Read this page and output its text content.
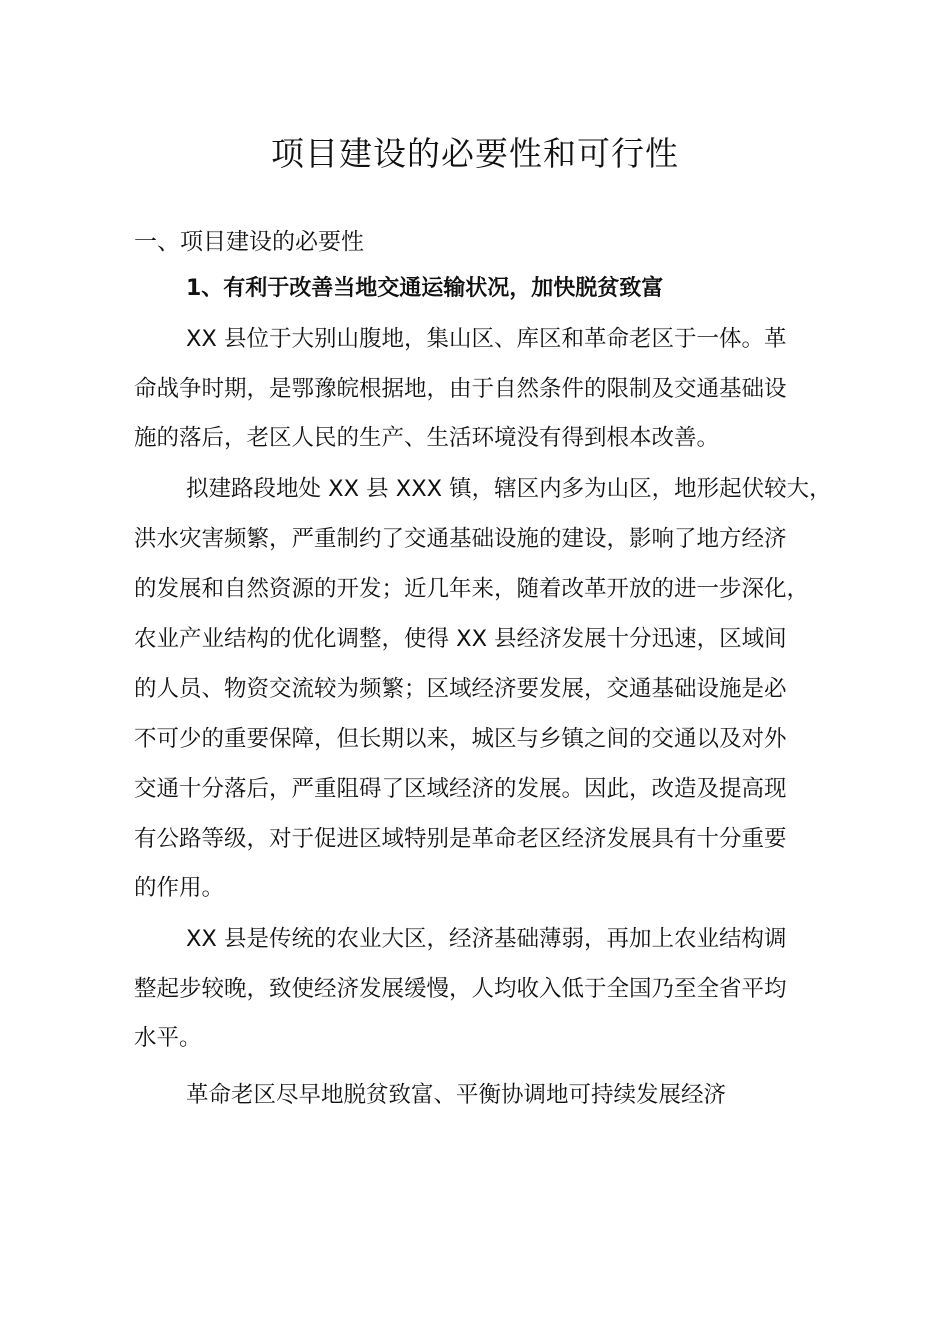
项目建设的必要性和可行性
一、项目建设的必要性
1、有利于改善当地交通运输状况，加快脱贫致富
XX 县位于大别山腹地，集山区、库区和革命老区于一体。革
命战争时期，是鄂豫皖根据地，由于自然条件的限制及交通基础设
施的落后，老区人民的生产、生活环境没有得到根本改善。
拟建路段地处 XX 县 XXX 镇，辖区内多为山区，地形起伏较大，
洪水灾害频繁，严重制约了交通基础设施的建设，影响了地方经济
的发展和自然资源的开发；近几年来，随着改革开放的进一步深化，
农业产业结构的优化调整，使得 XX 县经济发展十分迅速，区域间
的人员、物资交流较为频繁；区域经济要发展，交通基础设施是必
不可少的重要保障，但长期以来，城区与乡镇之间的交通以及对外
交通十分落后，严重阻碍了区域经济的发展。因此，改造及提高现
有公路等级，对于促进区域特别是革命老区经济发展具有十分重要
的作用。
XX 县是传统的农业大区，经济基础薄弱，再加上农业结构调
整起步较晚，致使经济发展缓慢，人均收入低于全国乃至全省平均
水平。
革命老区尽早地脱贫致富、平衡协调地可持续发展经济
